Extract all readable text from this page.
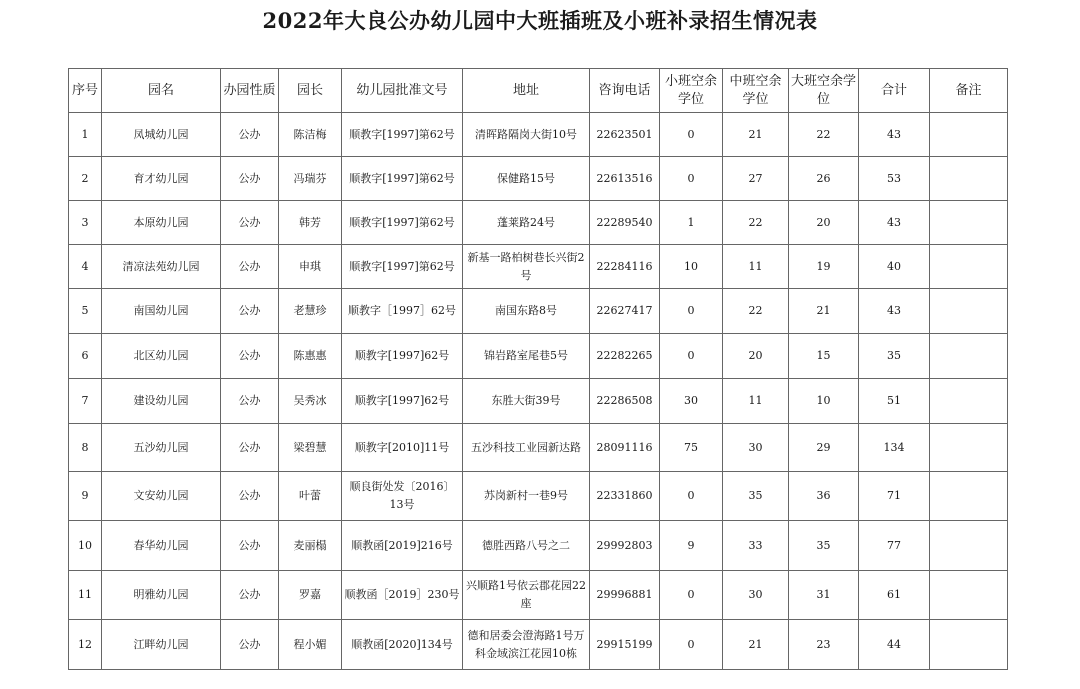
2022年大良公办幼儿园中大班插班及小班补录招生情况表
序号	园名	办园性质	园长	幼儿园批准文号	地址	咨询电话	小班空余学位	中班空余学位	大班空余学位	合计	备注
1	凤城幼儿园	公办	陈洁梅	顺教字[1997]第62号	清晖路隔岗大街10号	22623501	0	21	22	43	
2	育才幼儿园	公办	冯瑞芬	顺教字[1997]第62号	保健路15号	22613516	0	27	26	53	
3	本原幼儿园	公办	韩芳	顺教字[1997]第62号	蓬莱路24号	22289540	1	22	20	43	
4	清凉法苑幼儿园	公办	申琪	顺教字[1997]第62号	新基一路柏树巷长兴街2号	22284116	10	11	19	40	
5	南国幼儿园	公办	老慧珍	顺教字［1997］62号	南国东路8号	22627417	0	22	21	43	
6	北区幼儿园	公办	陈惠惠	顺教字[1997]62号	锦岩路室尾巷5号	22282265	0	20	15	35	
7	建设幼儿园	公办	吴秀冰	顺教字[1997]62号	东胜大街39号	22286508	30	11	10	51	
8	五沙幼儿园	公办	梁碧慧	顺教字[2010]11号	五沙科技工业园新达路	28091116	75	30	29	134	
9	文安幼儿园	公办	叶蕾	顺良街处发〔2016〕13号	苏岗新村一巷9号	22331860	0	35	36	71	
10	春华幼儿园	公办	麦丽榻	顺教函[2019]216号	德胜西路八号之二	29992803	9	33	35	77	
11	明雅幼儿园	公办	罗嘉	顺教函［2019］230号	兴顺路1号依云郡花园22座	29996881	0	30	31	61	
12	江畔幼儿园	公办	程小媚	顺教函[2020]134号	德和居委会澄海路1号万科金域滨江花园10栋	29915199	0	21	23	44	
